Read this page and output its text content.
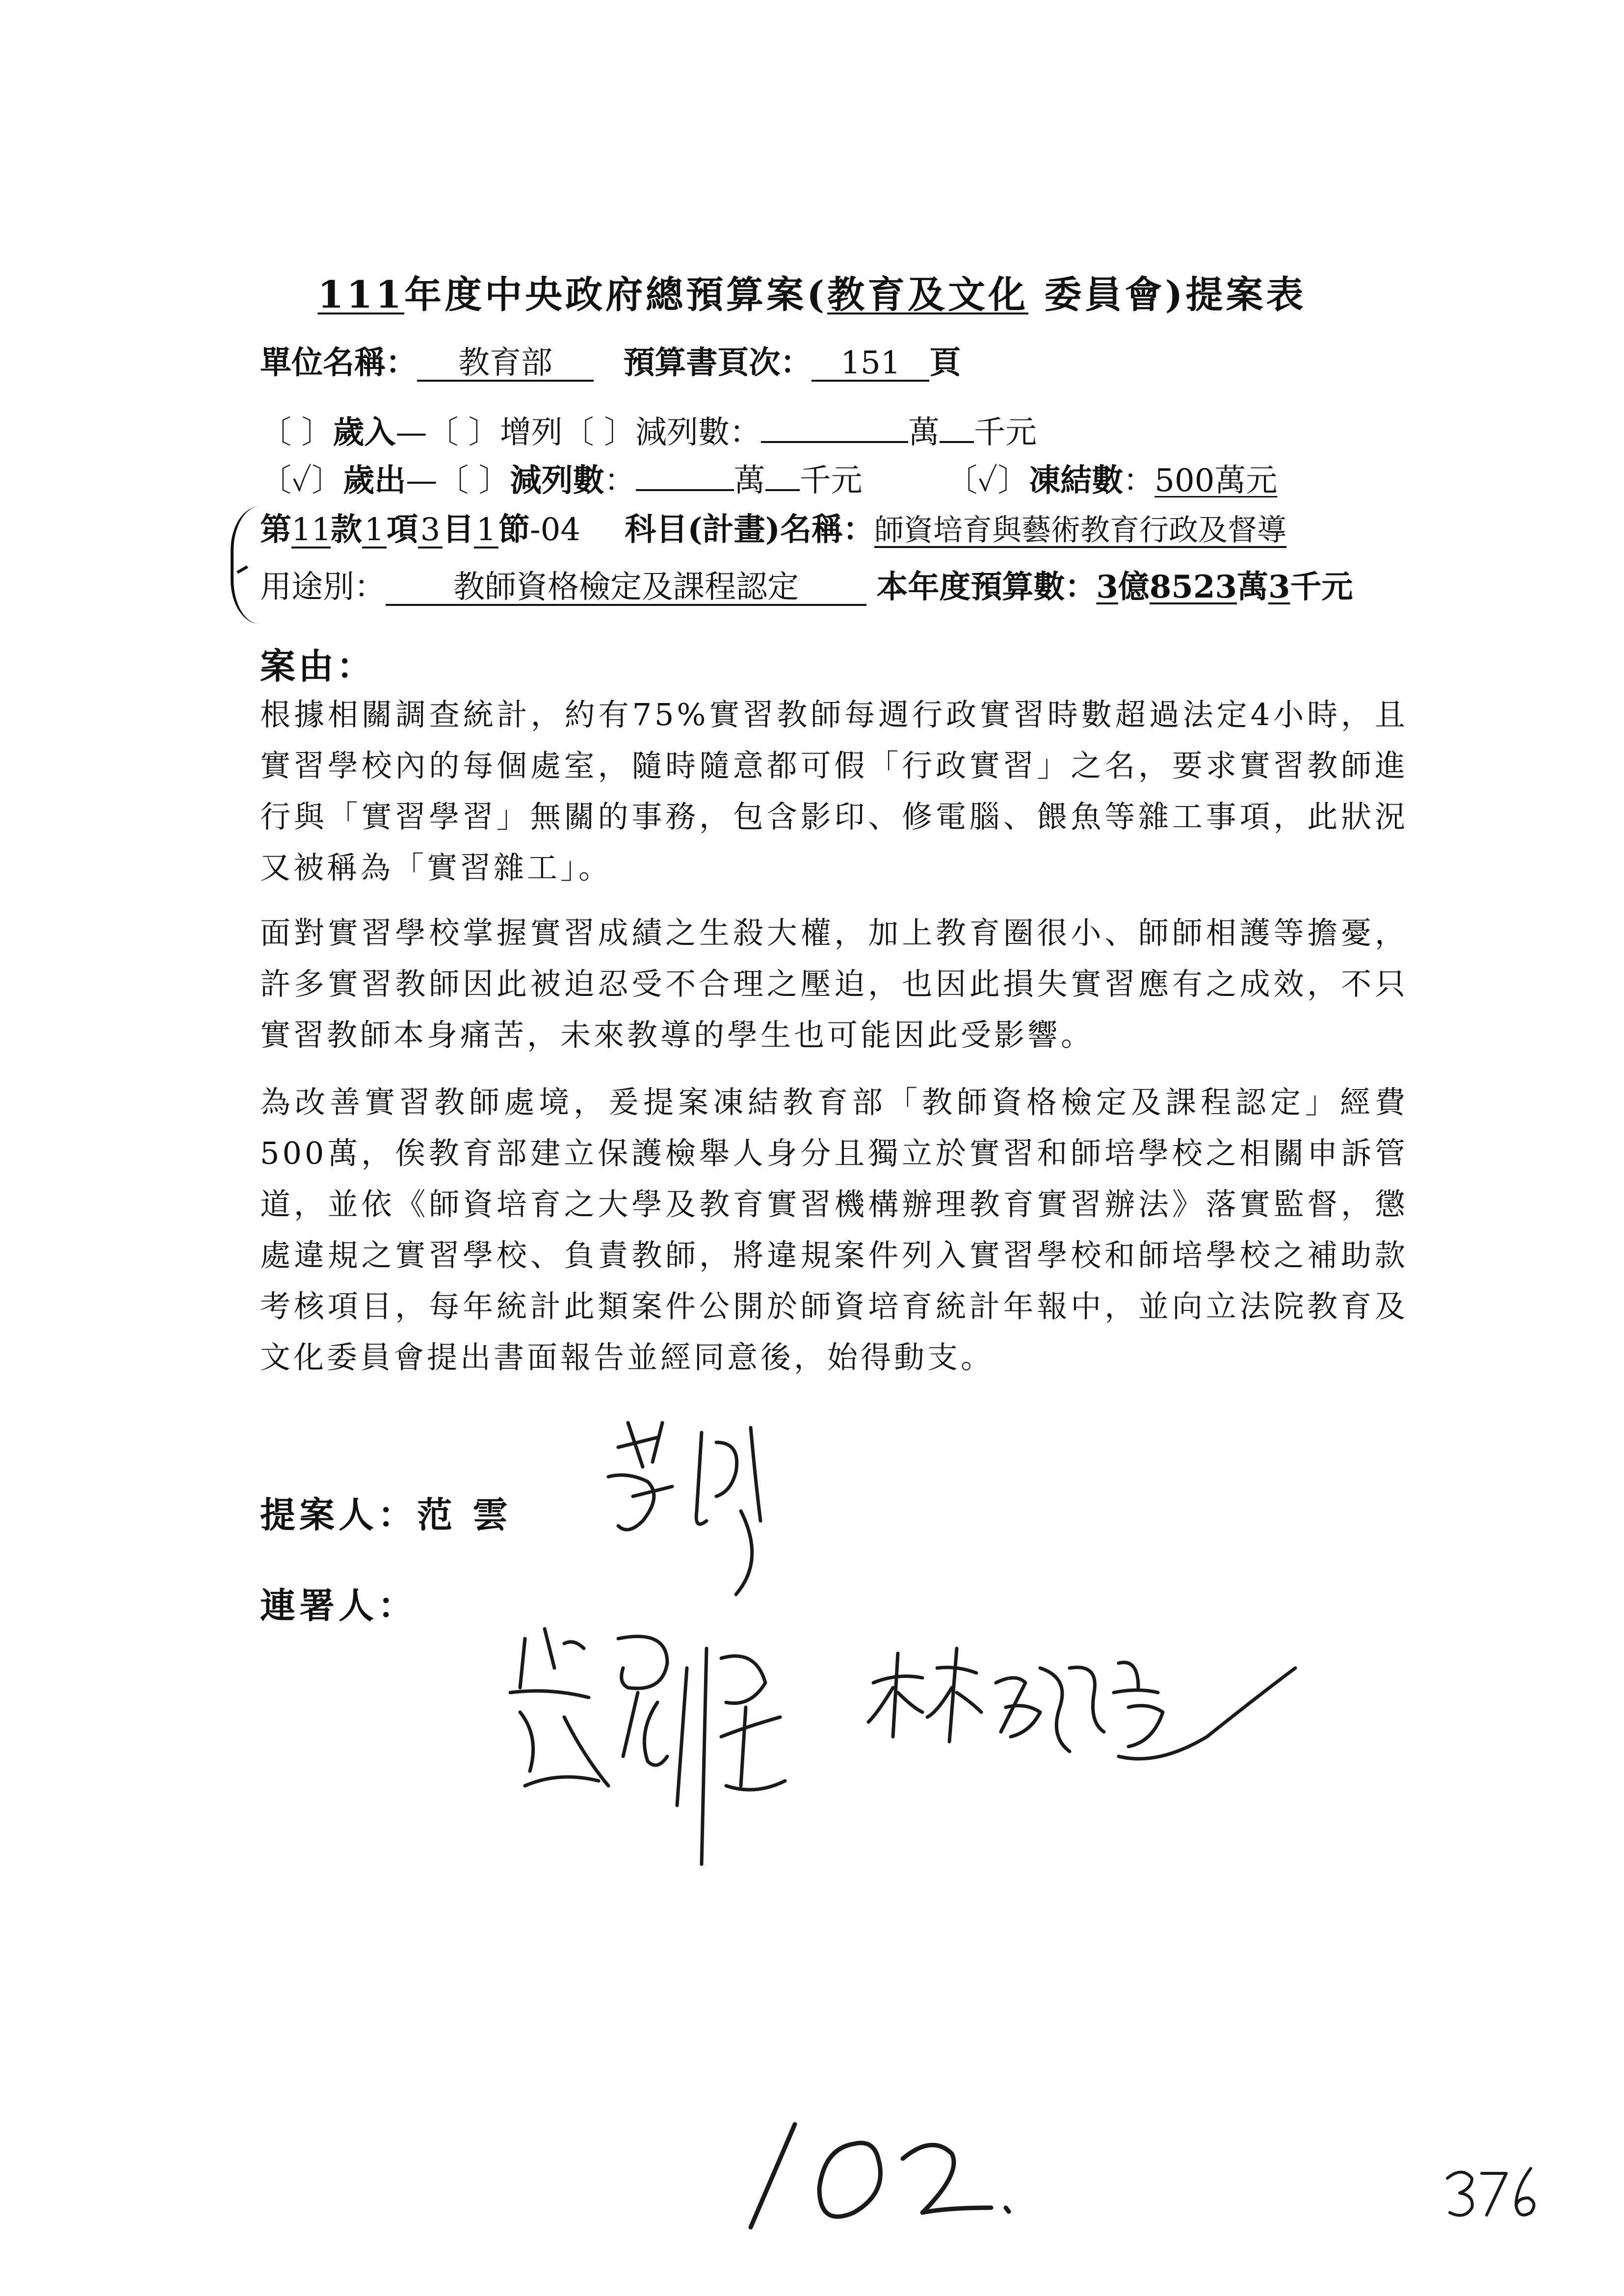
111年度中央政府總預算案(教育及文化 委員會)提案表
單位名稱： 教育部 預算書頁次： 151 頁
〔 〕歲入—〔 〕增列〔 〕減列數：	萬 千元
〔✓〕歲出—〔 〕減列數：	萬 千元	〔✓〕凍結數：500萬元
第11款1項3目1節-04 科目(計畫)名稱：師資培育與藝術教育行政及督導
用途別： 教師資格檢定及課程認定 本年度預算數：3億8523萬3千元
案由：
根據相關調查統計，約有75%實習教師每週行政實習時數超過法定4小時，且實習學校內的每個處室，隨時隨意都可假「行政實習」之名，要求實習教師進行與「實習學習」無關的事務，包含影印、修電腦、餵魚等雜工事項，此狀況又被稱為「實習雜工」。
面對實習學校掌握實習成績之生殺大權，加上教育圈很小、師師相護等擔憂，許多實習教師因此被迫忍受不合理之壓迫，也因此損失實習應有之成效，不只實習教師本身痛苦，未來教導的學生也可能因此受影響。
為改善實習教師處境，爰提案凍結教育部「教師資格檢定及課程認定」經費500萬，俟教育部建立保護檢舉人身分且獨立於實習和師培學校之相關申訴管道，並依《師資培育之大學及教育實習機構辦理教育實習辦法》落實監督，懲處違規之實習學校、負責教師，將違規案件列入實習學校和師培學校之補助款考核項目，每年統計此類案件公開於師資培育統計年報中，並向立法院教育及文化委員會提出書面報告並經同意後，始得動支。
提案人：范 雲
連署人：
